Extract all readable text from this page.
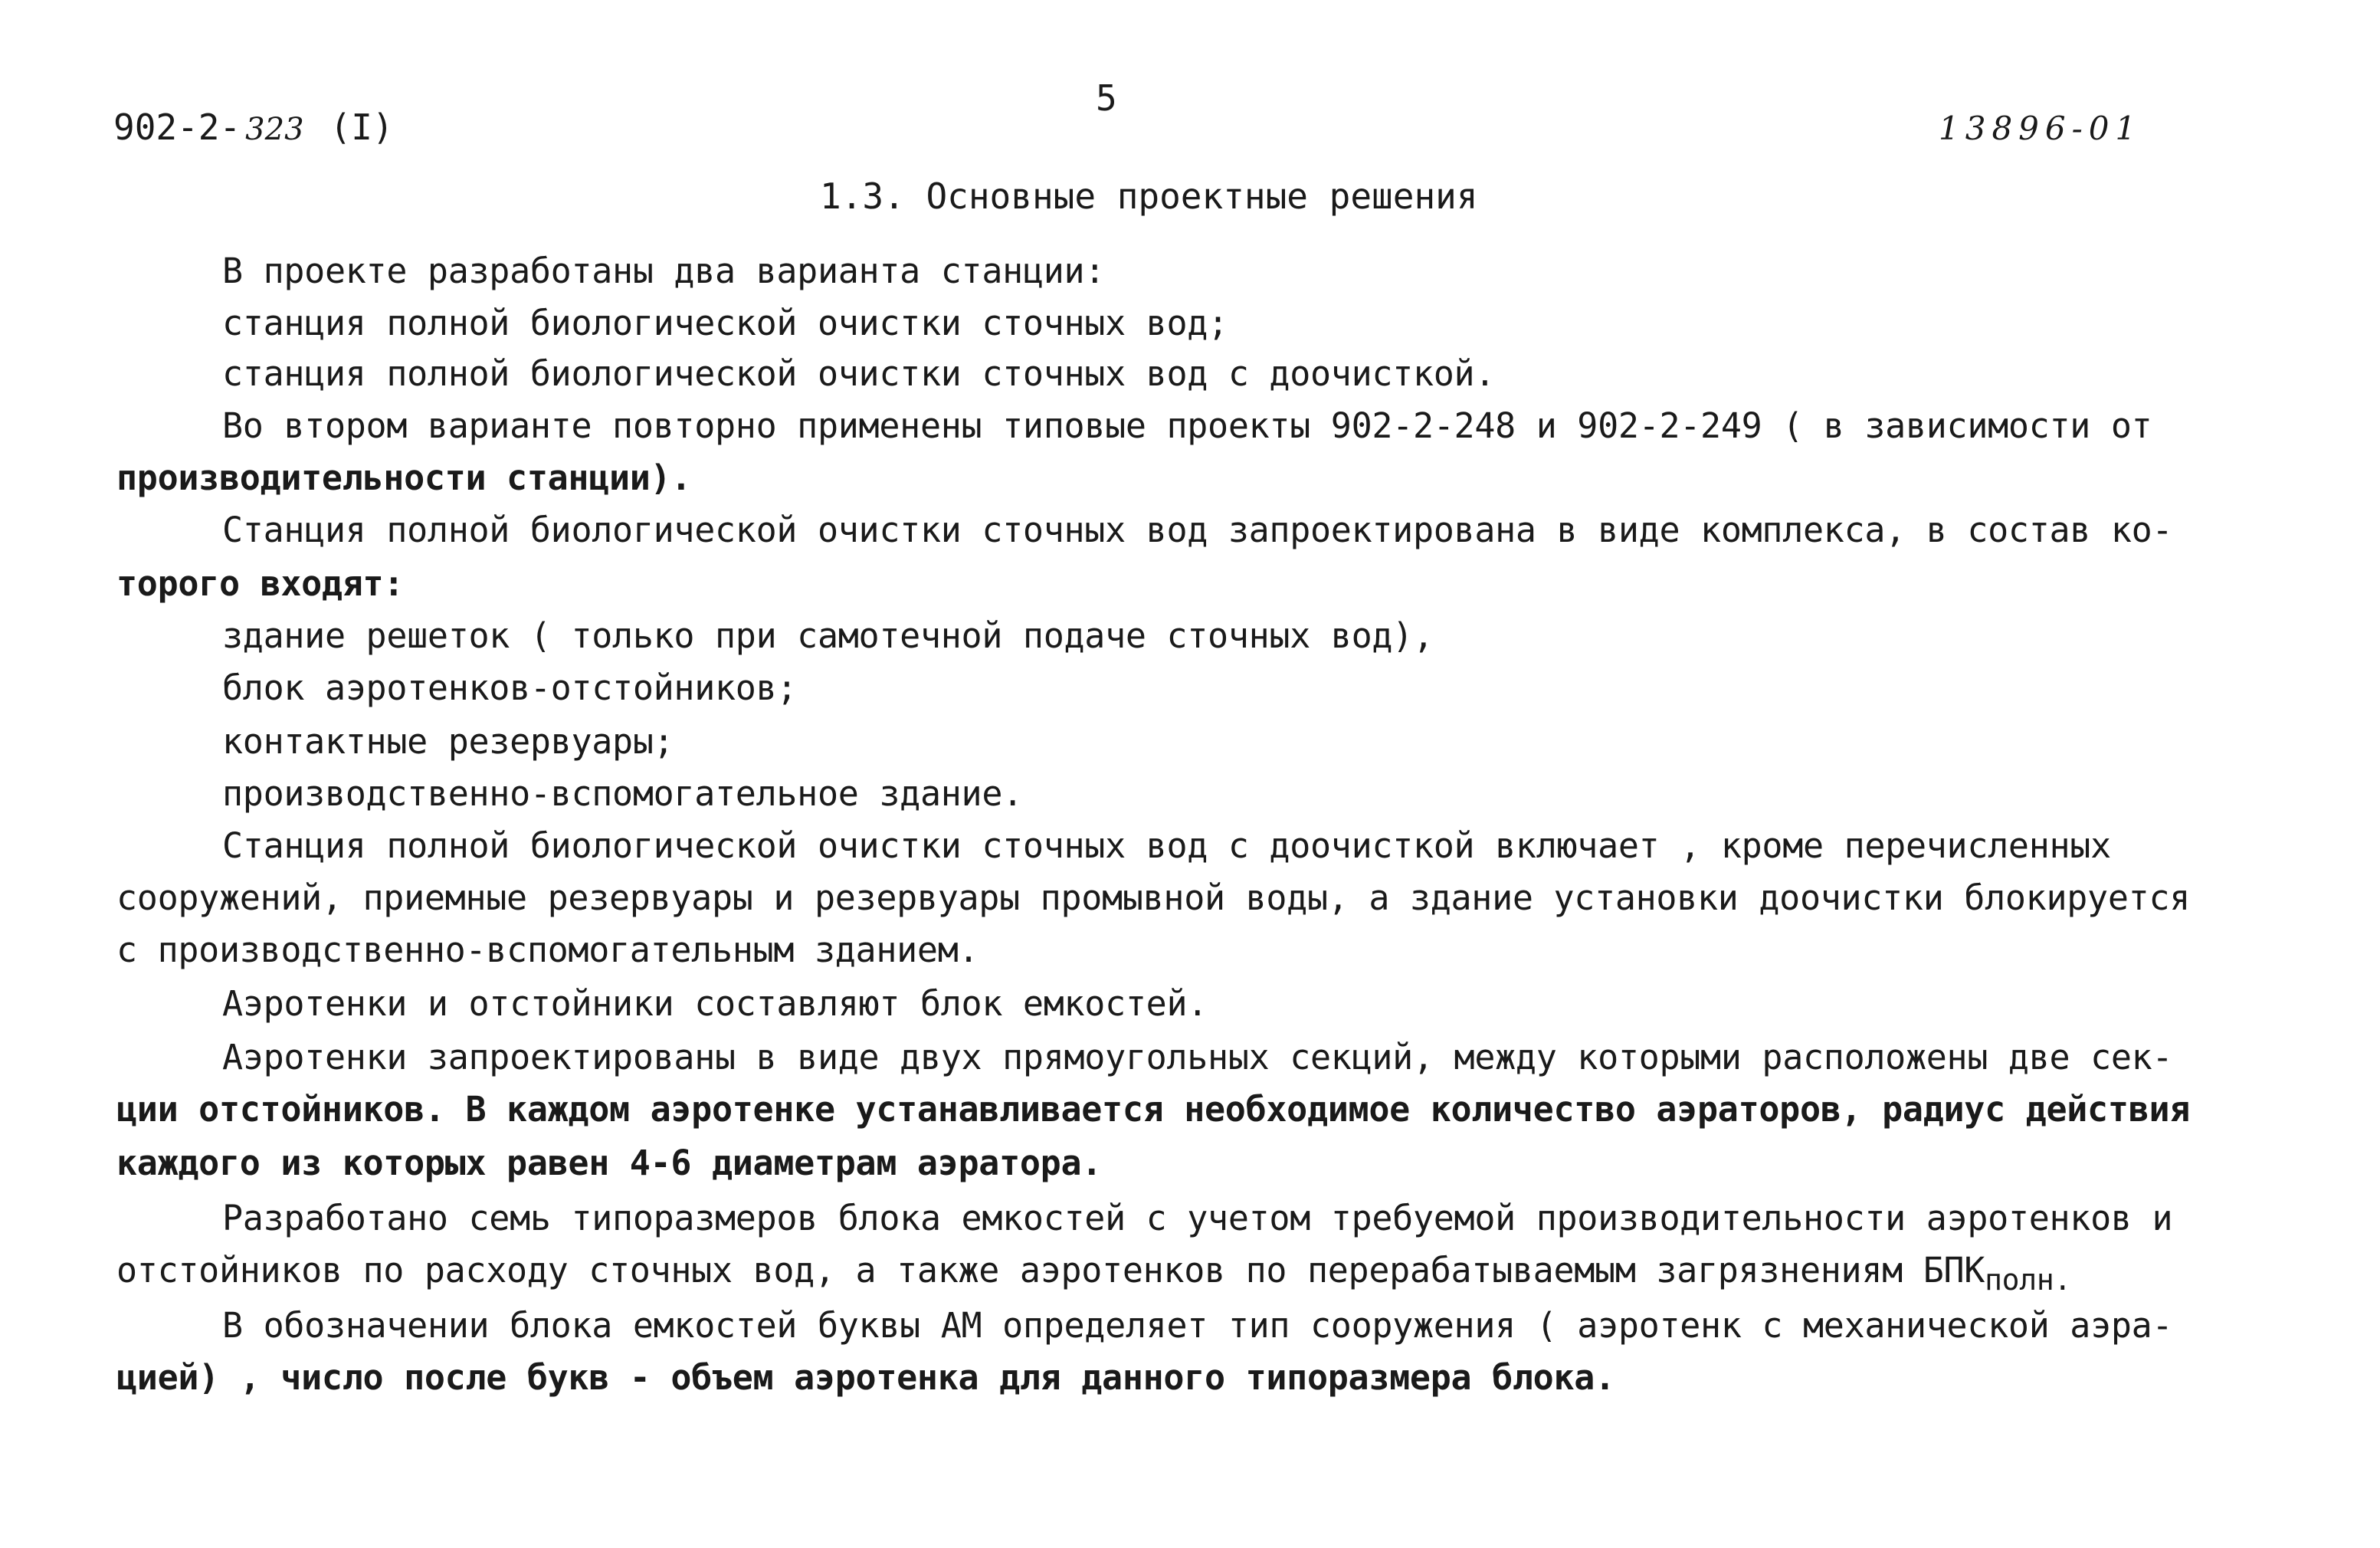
902-2- 323 (I)
5
13896-01
1.3. Основные проектные решения
В проекте разработаны два варианта станции:
станция полной биологической очистки сточных вод;
станция полной биологической очистки сточных вод с доочисткой.
Во втором варианте повторно применены типовые проекты 902-2-248 и 902-2-249 ( в зависимости от
производительности станции).
Станция полной биологической очистки сточных вод запроектирована в виде комплекса, в состав ко-
торого входят:
здание решеток ( только при самотечной подаче сточных вод),
блок аэротенков-отстойников;
контактные резервуары;
производственно-вспомогательное здание.
Станция полной биологической очистки сточных вод с доочисткой включает , кроме перечисленных
сооружений, приемные резервуары и резервуары промывной воды, а здание установки доочистки блокируется
с производственно-вспомогательным зданием.
Аэротенки и отстойники составляют блок емкостей.
Аэротенки запроектированы в виде двух прямоугольных секций, между которыми расположены две сек-
ции отстойников. В каждом аэротенке устанавливается необходимое количество аэраторов, радиус действия
каждого из которых равен 4-6 диаметрам аэратора.
Разработано семь типоразмеров блока емкостей с учетом требуемой производительности аэротенков и
отстойников по расходу сточных вод, а также аэротенков по перерабатываемым загрязнениям $БПК_{полн.}$
В обозначении блока емкостей буквы АМ определяет тип сооружения ( аэротенк с механической аэра-
цией) , число после букв - объем аэротенка для данного типоразмера блока.
